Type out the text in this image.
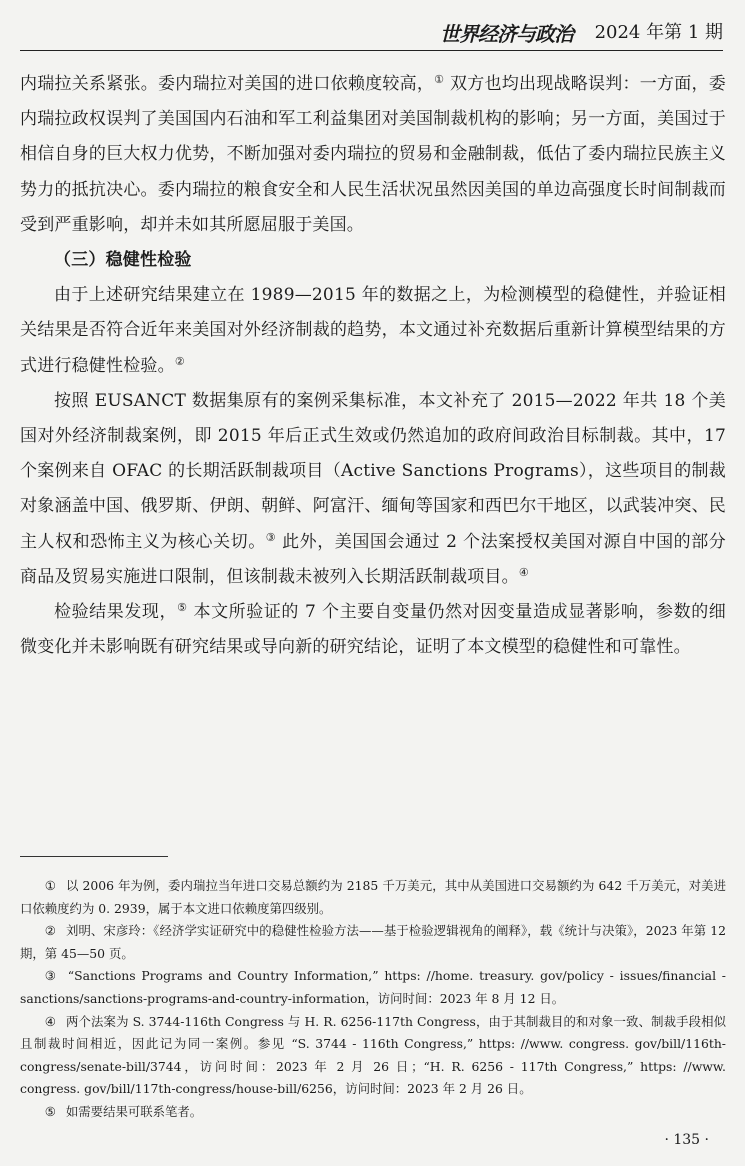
世界经济与政治 2024 年第 1 期

内瑞拉关系紧张。委内瑞拉对美国的进口依赖度较高，① 双方也均出现战略误判：一方面，委内瑞拉政权误判了美国国内石油和军工利益集团对美国制裁机构的影响；另一方面，美国过于相信自身的巨大权力优势，不断加强对委内瑞拉的贸易和金融制裁，低估了委内瑞拉民族主义势力的抵抗决心。委内瑞拉的粮食安全和人民生活状况虽然因美国的单边高强度长时间制裁而受到严重影响，却并未如其所愿屈服于美国。

（三）稳健性检验

由于上述研究结果建立在 1989—2015 年的数据之上，为检测模型的稳健性，并验证相关结果是否符合近年来美国对外经济制裁的趋势，本文通过补充数据后重新计算模型结果的方式进行稳健性检验。②

按照 EUSANCT 数据集原有的案例采集标准，本文补充了 2015—2022 年共 18 个美国对外经济制裁案例，即 2015 年后正式生效或仍然追加的政府间政治目标制裁。其中，17 个案例来自 OFAC 的长期活跃制裁项目（Active Sanctions Programs），这些项目的制裁对象涵盖中国、俄罗斯、伊朗、朝鲜、阿富汗、缅甸等国家和西巴尔干地区，以武装冲突、民主人权和恐怖主义为核心关切。③ 此外，美国国会通过 2 个法案授权美国对源自中国的部分商品及贸易实施进口限制，但该制裁未被列入长期活跃制裁项目。④

检验结果发现，⑤ 本文所验证的 7 个主要自变量仍然对因变量造成显著影响，参数的细微变化并未影响既有研究结果或导向新的研究结论，证明了本文模型的稳健性和可靠性。

① 以 2006 年为例，委内瑞拉当年进口交易总额约为 2185 千万美元，其中从美国进口交易额约为 642 千万美元，对美进口依赖度约为 0. 2939，属于本文进口依赖度第四级别。

② 刘明、宋彦玲：《经济学实证研究中的稳健性检验方法——基于检验逻辑视角的阐释》，载《统计与决策》，2023 年第 12 期，第 45—50 页。

③ “Sanctions Programs and Country Information,” https: //home. treasury. gov/policy - issues/financial - sanctions/sanctions-programs-and-country-information，访问时间：2023 年 8 月 12 日。

④ 两个法案为 S. 3744-116th Congress 与 H. R. 6256-117th Congress，由于其制裁目的和对象一致、制裁手段相似且制裁时间相近，因此记为同一案例。参见 “S. 3744 - 116th Congress,” https: //www. congress. gov/bill/116th-congress/senate-bill/3744，访问时间：2023 年 2 月 26 日；“H. R. 6256 - 117th Congress,” https: //www. congress. gov/bill/117th-congress/house-bill/6256，访问时间：2023 年 2 月 26 日。

⑤ 如需要结果可联系笔者。

· 135 ·
